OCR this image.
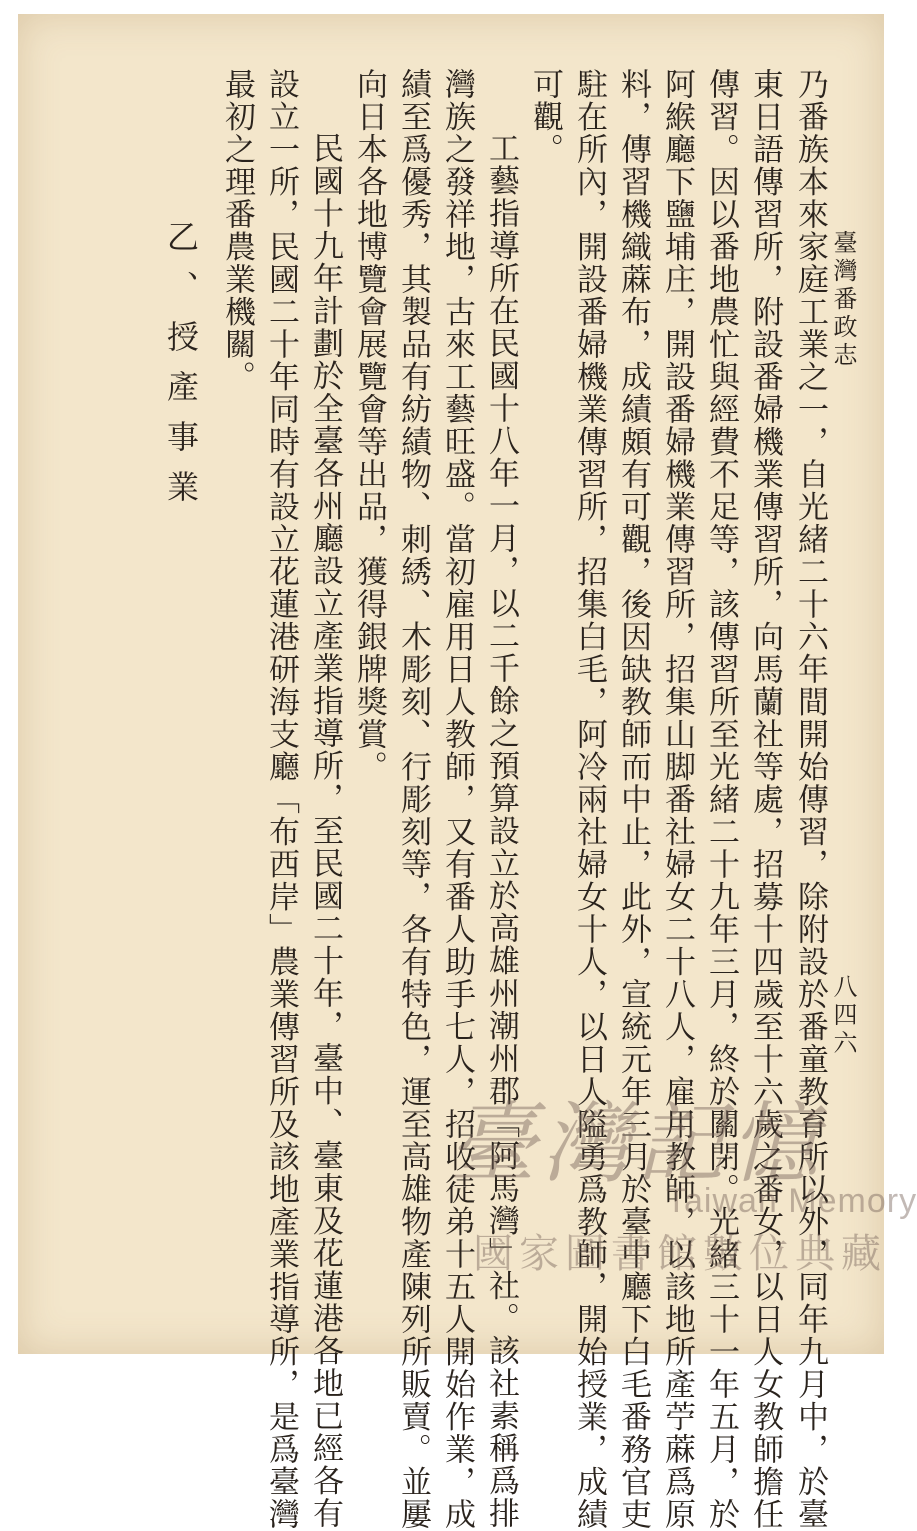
臺灣番政志
八四六
乃番族本來家庭工業之一，自光緒二十六年間開始傳習，除附設於番童教育所以外，同年九月中，於臺
東日語傳習所，附設番婦機業傳習所，向馬蘭社等處，招募十四歲至十六歲之番女，以日人女教師擔任
傳習。因以番地農忙與經費不足等，該傳習所至光緒二十九年三月，終於關閉。光緒三十一年五月，於
阿緱廳下鹽埔庄，開設番婦機業傳習所，招集山脚番社婦女二十八人，雇用教師，以該地所產苧蔴爲原
料，傳習機織蔴布，成績頗有可觀，後因缺教師而中止，此外，宣統元年三月於臺中廳下白毛番務官吏
駐在所內，開設番婦機業傳習所，招集白毛，阿冷兩社婦女十人，以日人隘勇爲教師，開始授業，成績
可觀。
工藝指導所在民國十八年一月，以二千餘之預算設立於高雄州潮州郡「阿馬灣」社。該社素稱爲排
灣族之發祥地，古來工藝旺盛。當初雇用日人教師，又有番人助手七人，招收徒弟十五人開始作業，成
績至爲優秀，其製品有紡績物、刺綉、木彫刻、行彫刻等，各有特色，運至高雄物產陳列所販賣。並屢
向日本各地博覽會展覽會等出品，獲得銀牌獎賞。
民國十九年計劃於全臺各州廳設立產業指導所，至民國二十年，臺中、臺東及花蓮港各地已經各有
設立一所，民國二十年同時有設立花蓮港研海支廳「布西岸」農業傳習所及該地產業指導所，是爲臺灣
最初之理番農業機關。
乙、授產事業
臺灣記憶
Taiwan Memory
國家圖書館數位典藏
